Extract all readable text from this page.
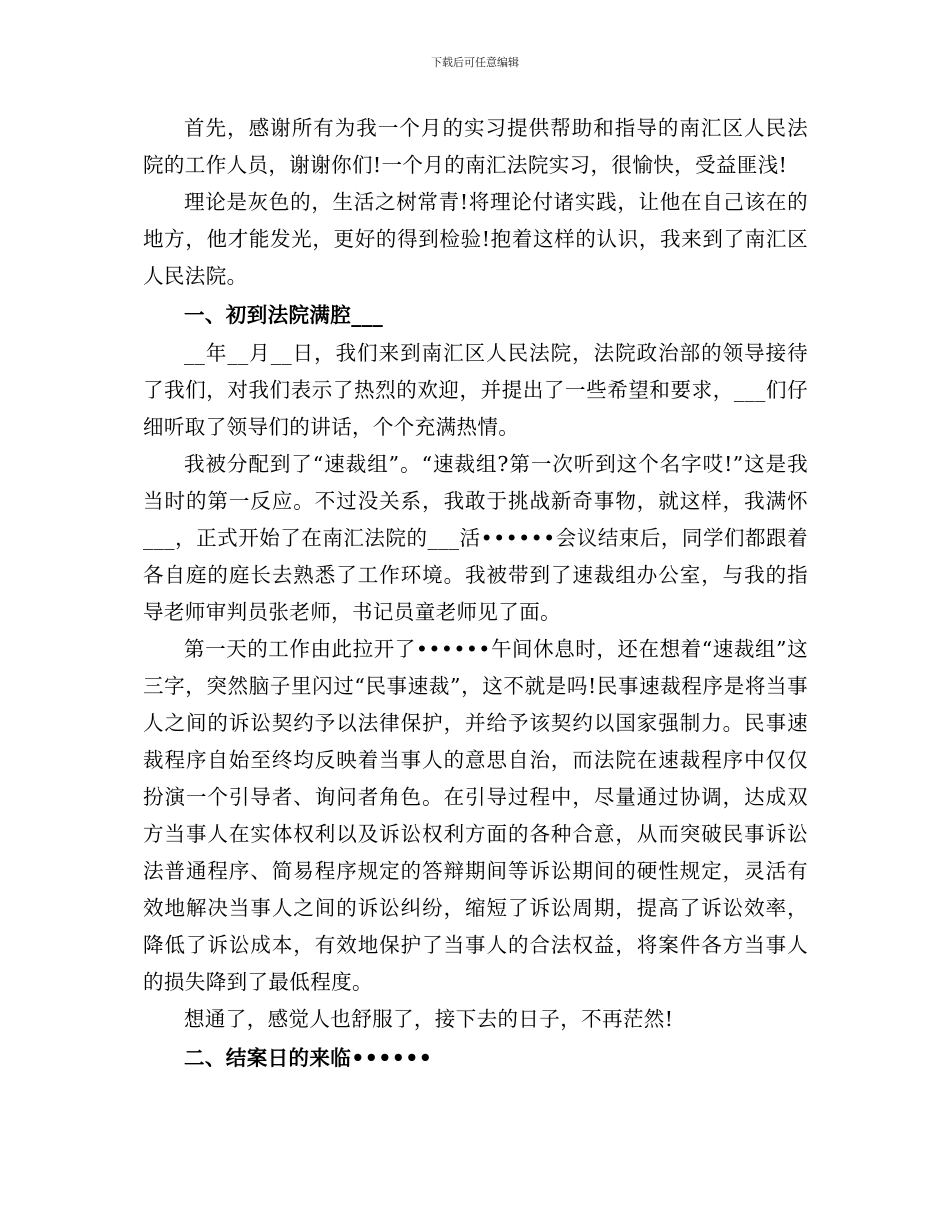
下载后可任意编辑

首先，感谢所有为我一个月的实习提供帮助和指导的南汇区人民法院的工作人员，谢谢你们!一个月的南汇法院实习，很愉快，受益匪浅!

理论是灰色的，生活之树常青!将理论付诸实践，让他在自己该在的地方，他才能发光，更好的得到检验!抱着这样的认识，我来到了南汇区人民法院。

一、初到法院满腔___

__年__月__日，我们来到南汇区人民法院，法院政治部的领导接待了我们，对我们表示了热烈的欢迎，并提出了一些希望和要求，___们仔细听取了领导们的讲话，个个充满热情。

我被分配到了“速裁组”。“速裁组?第一次听到这个名字哎!”这是我当时的第一反应。不过没关系，我敢于挑战新奇事物，就这样，我满怀___，正式开始了在南汇法院的___活••••••会议结束后，同学们都跟着各自庭的庭长去熟悉了工作环境。我被带到了速裁组办公室，与我的指导老师审判员张老师，书记员童老师见了面。

第一天的工作由此拉开了••••••午间休息时，还在想着“速裁组”这三字，突然脑子里闪过“民事速裁”，这不就是吗!民事速裁程序是将当事人之间的诉讼契约予以法律保护，并给予该契约以国家强制力。民事速裁程序自始至终均反映着当事人的意思自治，而法院在速裁程序中仅仅扮演一个引导者、询问者角色。在引导过程中，尽量通过协调，达成双方当事人在实体权利以及诉讼权利方面的各种合意，从而突破民事诉讼法普通程序、简易程序规定的答辩期间等诉讼期间的硬性规定，灵活有效地解决当事人之间的诉讼纠纷，缩短了诉讼周期，提高了诉讼效率，降低了诉讼成本，有效地保护了当事人的合法权益，将案件各方当事人的损失降到了最低程度。

想通了，感觉人也舒服了，接下去的日子，不再茫然!

二、结案日的来临••••••
